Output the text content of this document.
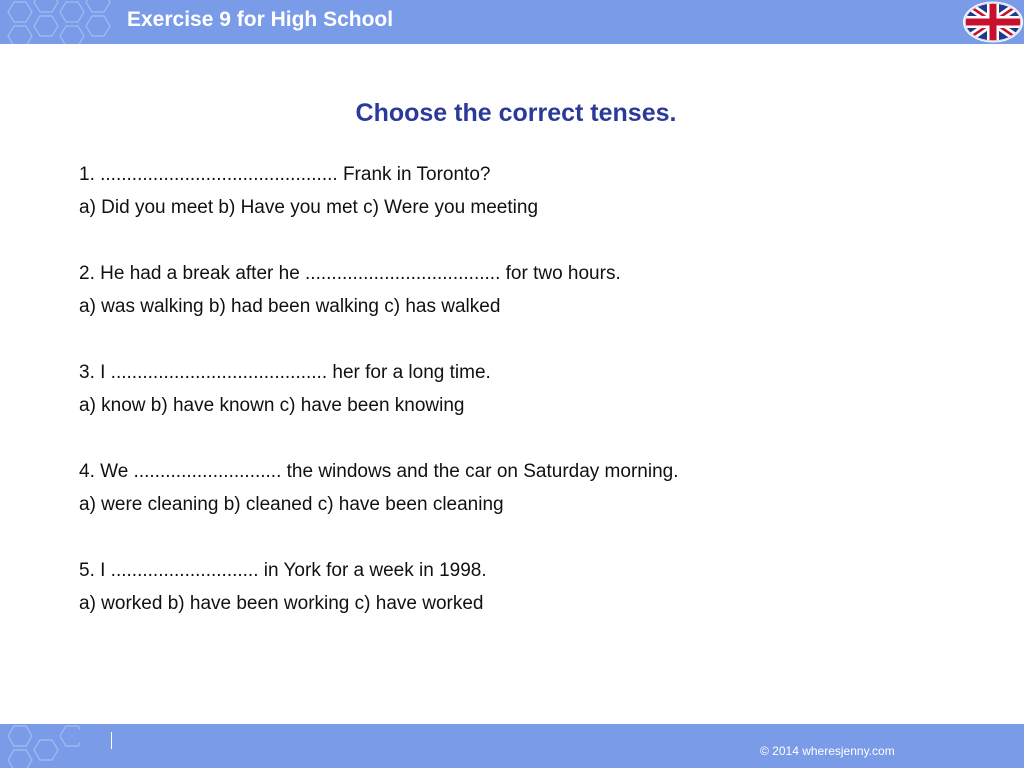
Exercise 9 for High School
Choose the correct tenses.
1. ............................................. Frank in Toronto?
a) Did you meet b) Have you met c) Were you meeting
2. He had a break after he ..................................... for two hours.
a) was walking b) had been walking c) has walked
3. I ......................................... her for a long time.
a) know b) have known c) have been knowing
4. We ............................ the windows and the car on Saturday morning.
a) were cleaning b) cleaned c) have been cleaning
5. I ............................ in York for a week in 1998.
a) worked b) have been working c) have worked
© 2014 wheresjenny.com
